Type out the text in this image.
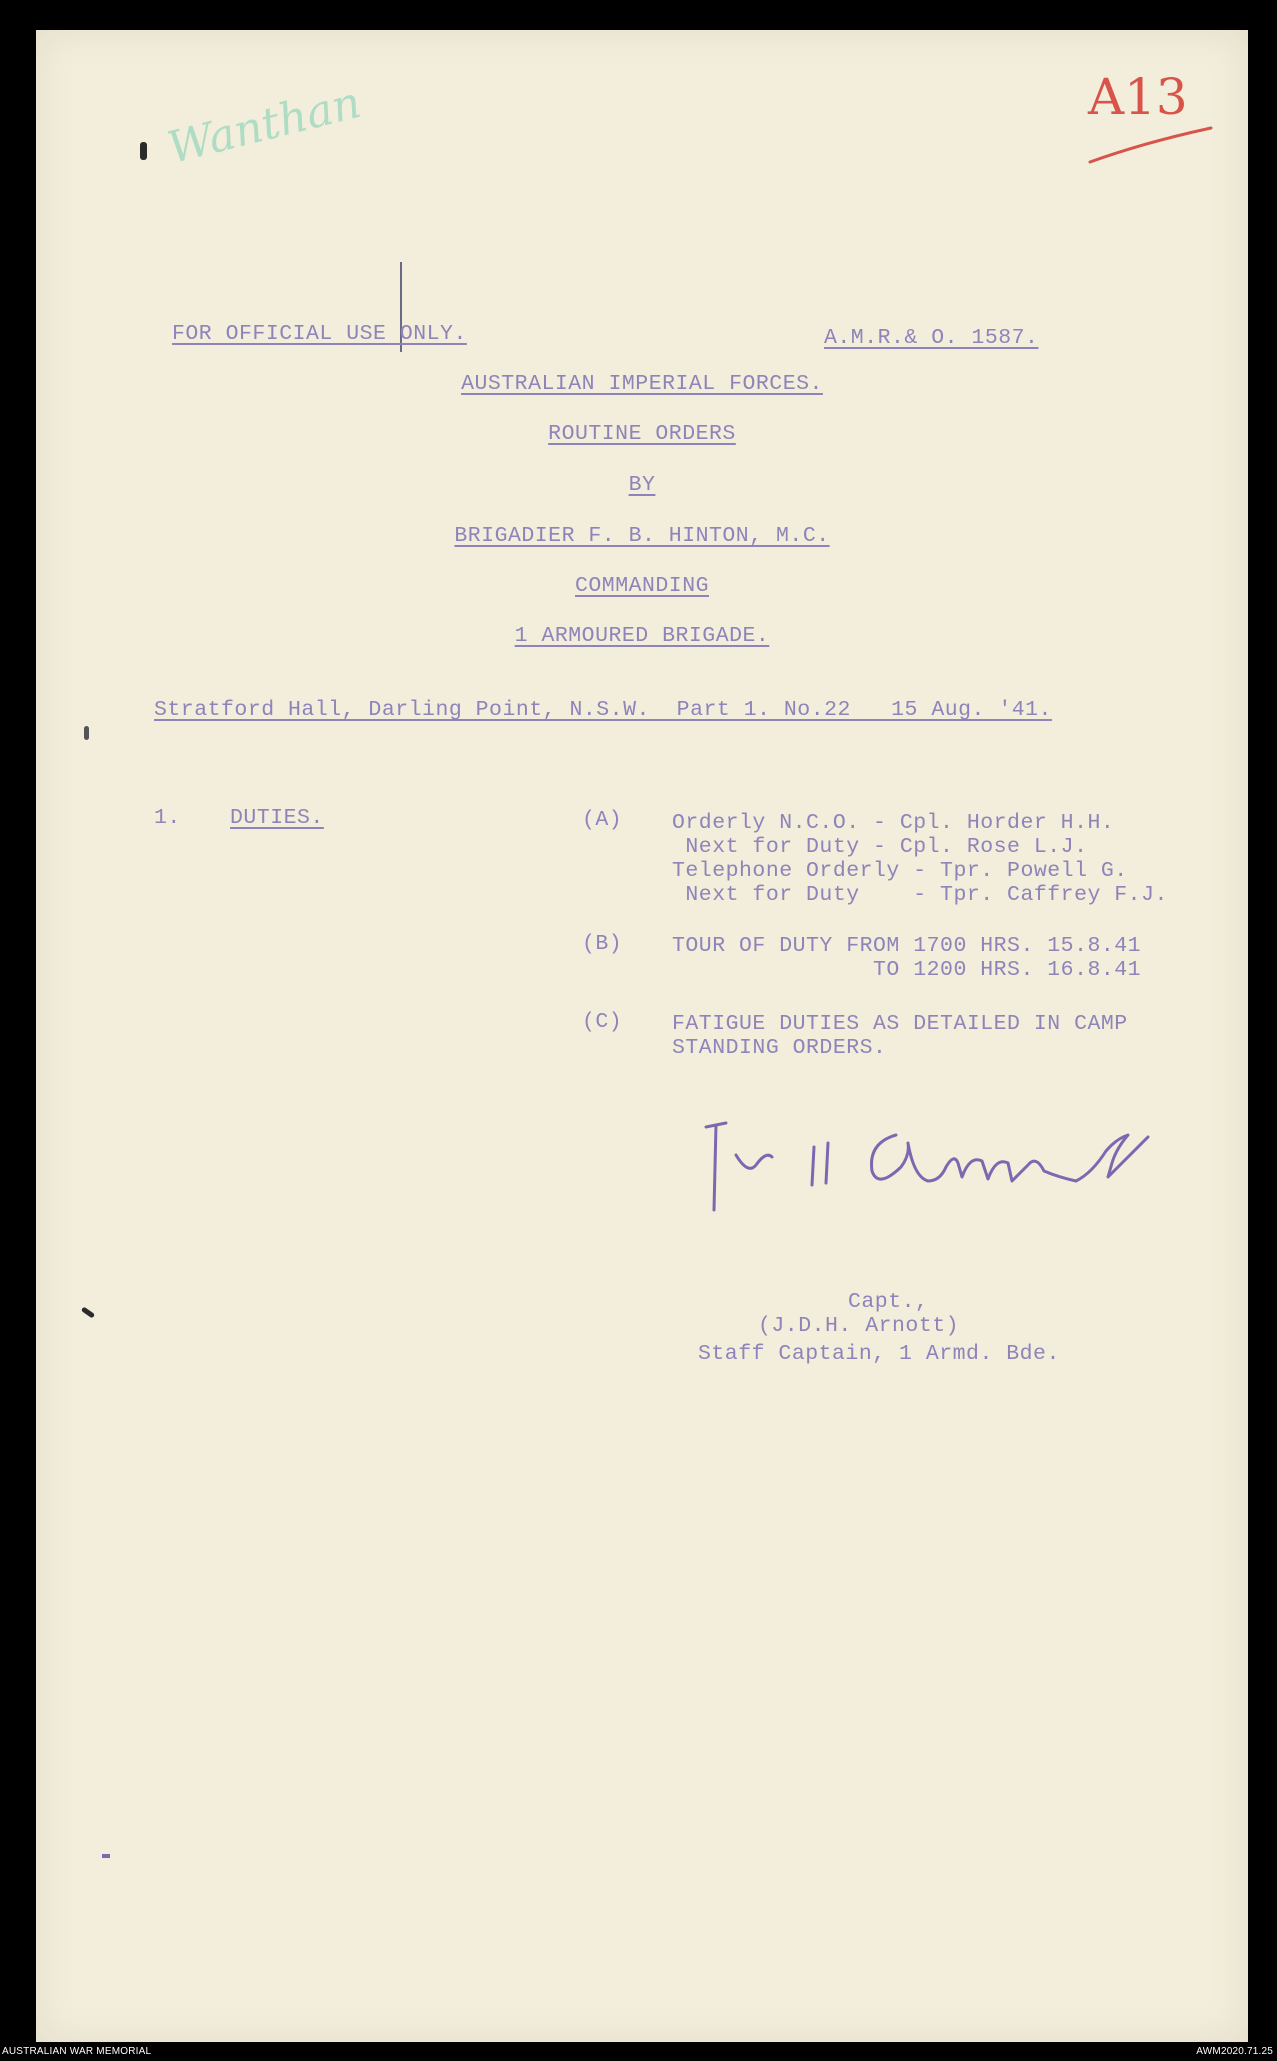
Wanthan	A13
FOR OFFICIAL USE ONLY.	A.M.R.& O. 1587.
AUSTRALIAN IMPERIAL FORCES.
ROUTINE ORDERS
BY
BRIGADIER F. B. HINTON, M.C.
COMMANDING
1 ARMOURED BRIGADE.
Stratford Hall, Darling Point, N.S.W.  Part 1. No.22   15 Aug. '41.
1. DUTIES.	(A) Orderly N.C.O. - Cpl. Horder H.H.
Next for Duty - Cpl. Rose L.J.
Telephone Orderly - Tpr. Powell G.
Next for Duty    - Tpr. Caffrey F.J.
(B) TOUR OF DUTY FROM 1700 HRS. 15.8.41
TO 1200 HRS. 16.8.41
(C) FATIGUE DUTIES AS DETAILED IN CAMP
STANDING ORDERS.
Capt.,
(J.D.H. Arnott)
Staff Captain, 1 Armd. Bde.
AUSTRALIAN WAR MEMORIAL	AWM2020.71.25
